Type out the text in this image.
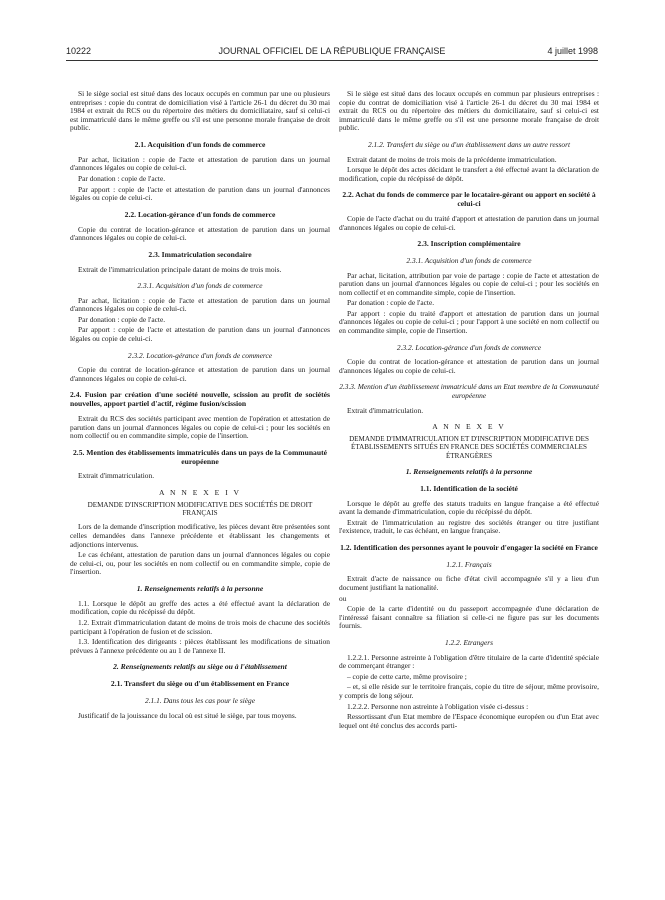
10222	JOURNAL OFFICIEL DE LA RÉPUBLIQUE FRANÇAISE	4 juillet 1998

Si le siège social est situé dans des locaux occupés en commun par une ou plusieurs entreprises : copie du contrat de domiciliation visé à l'article 26-1 du décret du 30 mai 1984 et extrait du RCS ou du répertoire des métiers du domiciliataire, sauf si celui-ci est immatriculé dans le même greffe ou s'il est une personne morale française de droit public.

2.1. Acquisition d'un fonds de commerce

Par achat, licitation : copie de l'acte et attestation de parution dans un journal d'annonces légales ou copie de celui-ci.

Par donation : copie de l'acte.

Par apport : copie de l'acte et attestation de parution dans un journal d'annonces légales ou copie de celui-ci.

2.2. Location-gérance d'un fonds de commerce

Copie du contrat de location-gérance et attestation de parution dans un journal d'annonces légales ou copie de celui-ci.

2.3. Immatriculation secondaire

Extrait de l'immatriculation principale datant de moins de trois mois.

2.3.1. Acquisition d'un fonds de commerce

Par achat, licitation : copie de l'acte et attestation de parution dans un journal d'annonces légales ou copie de celui-ci.

Par donation : copie de l'acte.

Par apport : copie de l'acte et attestation de parution dans un journal d'annonces légales ou copie de celui-ci.

2.3.2. Location-gérance d'un fonds de commerce

Copie du contrat de location-gérance et attestation de parution dans un journal d'annonces légales ou copie de celui-ci.

2.4. Fusion par création d'une société nouvelle, scission au profit de sociétés nouvelles, apport partiel d'actif, régime fusion/scission

Extrait du RCS des sociétés participant avec mention de l'opération et attestation de parution dans un journal d'annonces légales ou copie de celui-ci ; pour les sociétés en nom collectif ou en commandite simple, copie de l'insertion.

2.5. Mention des établissements immatriculés dans un pays de la Communauté européenne

Extrait d'immatriculation.

A N N E X E I V
DEMANDE D'INSCRIPTION MODIFICATIVE DES SOCIÉTÉS DE DROIT FRANÇAIS

Lors de la demande d'inscription modificative, les pièces devant être présentées sont celles demandées dans l'annexe précédente et établissant les changements et adjonctions intervenus.

Le cas échéant, attestation de parution dans un journal d'annonces légales ou copie de celui-ci, ou, pour les sociétés en nom collectif ou en commandite simple, copie de l'insertion.

1. Renseignements relatifs à la personne

1.1. Lorsque le dépôt au greffe des actes a été effectué avant la déclaration de modification, copie du récépissé du dépôt.

1.2. Extrait d'immatriculation datant de moins de trois mois de chacune des sociétés participant à l'opération de fusion et de scission.

1.3. Identification des dirigeants : pièces établissant les modifications de situation prévues à l'annexe précédente ou au 1 de l'annexe II.

2. Renseignements relatifs au siège ou à l'établissement
2.1. Transfert du siège ou d'un établissement en France
2.1.1. Dans tous les cas pour le siège

Justificatif de la jouissance du local où est situé le siège, par tous moyens.

Si le siège est situé dans des locaux occupés en commun par plusieurs entreprises : copie du contrat de domiciliation visé à l'article 26-1 du décret du 30 mai 1984 et extrait du RCS ou du répertoire des métiers du domiciliataire, sauf si celui-ci est immatriculé dans le même greffe ou s'il est une personne morale française de droit public.

2.1.2. Transfert du siège ou d'un établissement dans un autre ressort

Extrait datant de moins de trois mois de la précédente immatriculation.

Lorsque le dépôt des actes décidant le transfert a été effectué avant la déclaration de modification, copie du récépissé de dépôt.

2.2. Achat du fonds de commerce par le locataire-gérant ou apport en société à celui-ci

Copie de l'acte d'achat ou du traité d'apport et attestation de parution dans un journal d'annonces légales ou copie de celui-ci.

2.3. Inscription complémentaire
2.3.1. Acquisition d'un fonds de commerce

Par achat, licitation, attribution par voie de partage : copie de l'acte et attestation de parution dans un journal d'annonces légales ou copie de celui-ci ; pour les sociétés en nom collectif et en commandite simple, copie de l'insertion.

Par donation : copie de l'acte.

Par apport : copie du traité d'apport et attestation de parution dans un journal d'annonces légales ou copie de celui-ci ; pour l'apport à une société en nom collectif ou en commandite simple, copie de l'insertion.

2.3.2. Location-gérance d'un fonds de commerce

Copie du contrat de location-gérance et attestation de parution dans un journal d'annonces légales ou copie de celui-ci.

2.3.3. Mention d'un établissement immatriculé dans un Etat membre de la Communauté européenne

Extrait d'immatriculation.

A N N E X E V
DEMANDE D'IMMATRICULATION ET D'INSCRIPTION MODIFICATIVE DES ÉTABLISSEMENTS SITUÉS EN FRANCE DES SOCIÉTÉS COMMERCIALES ÉTRANGÈRES
1. Renseignements relatifs à la personne
1.1. Identification de la société

Lorsque le dépôt au greffe des statuts traduits en langue française a été effectué avant la demande d'immatriculation, copie du récépissé du dépôt.

Extrait de l'immatriculation au registre des sociétés étranger ou titre justifiant l'existence, traduit, le cas échéant, en langue française.

1.2. Identification des personnes ayant le pouvoir d'engager la société en France
1.2.1. Français

Extrait d'acte de naissance ou fiche d'état civil accompagnée s'il y a lieu d'un document justifiant la nationalité.

ou

Copie de la carte d'identité ou du passeport accompagnée d'une déclaration de l'intéressé faisant connaître sa filiation si celle-ci ne figure pas sur les documents fournis.

1.2.2. Etrangers

1.2.2.1. Personne astreinte à l'obligation d'être titulaire de la carte d'identité spéciale de commerçant étranger :

– copie de cette carte, même provisoire ;

– et, si elle réside sur le territoire français, copie du titre de séjour, même provisoire, y compris de long séjour.

1.2.2.2. Personne non astreinte à l'obligation visée ci-dessus :

Ressortissant d'un Etat membre de l'Espace économique européen ou d'un Etat avec lequel ont été conclus des accords parti-
